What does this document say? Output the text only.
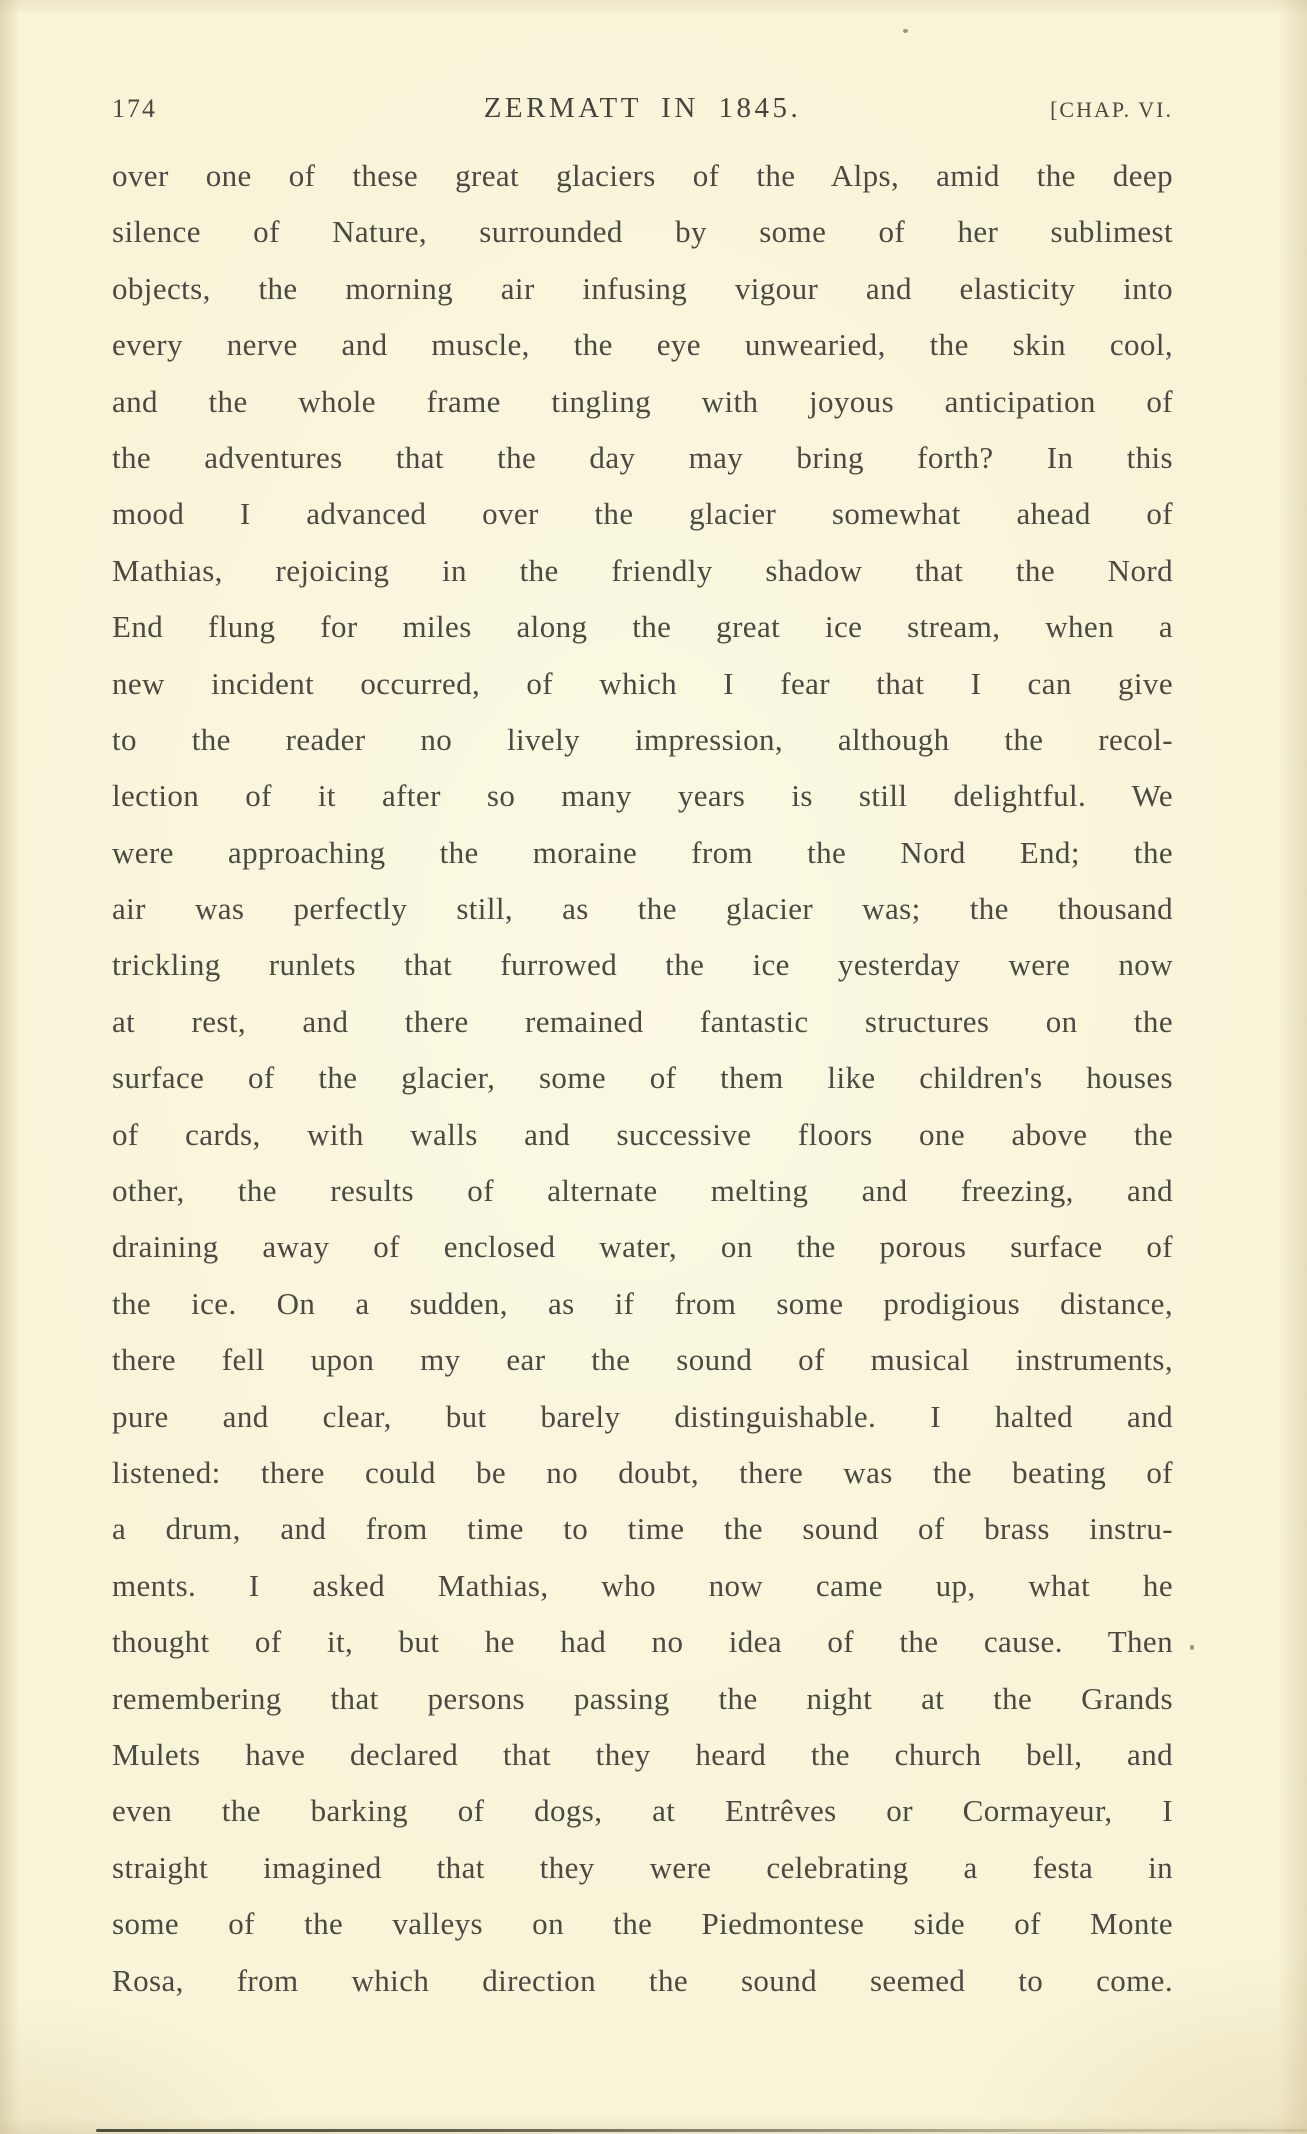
174	ZERMATT IN 1845.	[CHAP. VI.
over one of these great glaciers of the Alps, amid the deep
silence of Nature, surrounded by some of her sublimest
objects, the morning air infusing vigour and elasticity into
every nerve and muscle, the eye unwearied, the skin cool,
and the whole frame tingling with joyous anticipation of
the adventures that the day may bring forth? In this
mood I advanced over the glacier somewhat ahead of
Mathias, rejoicing in the friendly shadow that the Nord
End flung for miles along the great ice stream, when a
new incident occurred, of which I fear that I can give
to the reader no lively impression, although the recol-
lection of it after so many years is still delightful. We
were approaching the moraine from the Nord End; the
air was perfectly still, as the glacier was; the thousand
trickling runlets that furrowed the ice yesterday were now
at rest, and there remained fantastic structures on the
surface of the glacier, some of them like children's houses
of cards, with walls and successive floors one above the
other, the results of alternate melting and freezing, and
draining away of enclosed water, on the porous surface of
the ice. On a sudden, as if from some prodigious distance,
there fell upon my ear the sound of musical instruments,
pure and clear, but barely distinguishable. I halted and
listened: there could be no doubt, there was the beating of
a drum, and from time to time the sound of brass instru-
ments. I asked Mathias, who now came up, what he
thought of it, but he had no idea of the cause. Then
remembering that persons passing the night at the Grands
Mulets have declared that they heard the church bell, and
even the barking of dogs, at Entrêves or Cormayeur, I
straight imagined that they were celebrating a festa in
some of the valleys on the Piedmontese side of Monte
Rosa, from which direction the sound seemed to come.
